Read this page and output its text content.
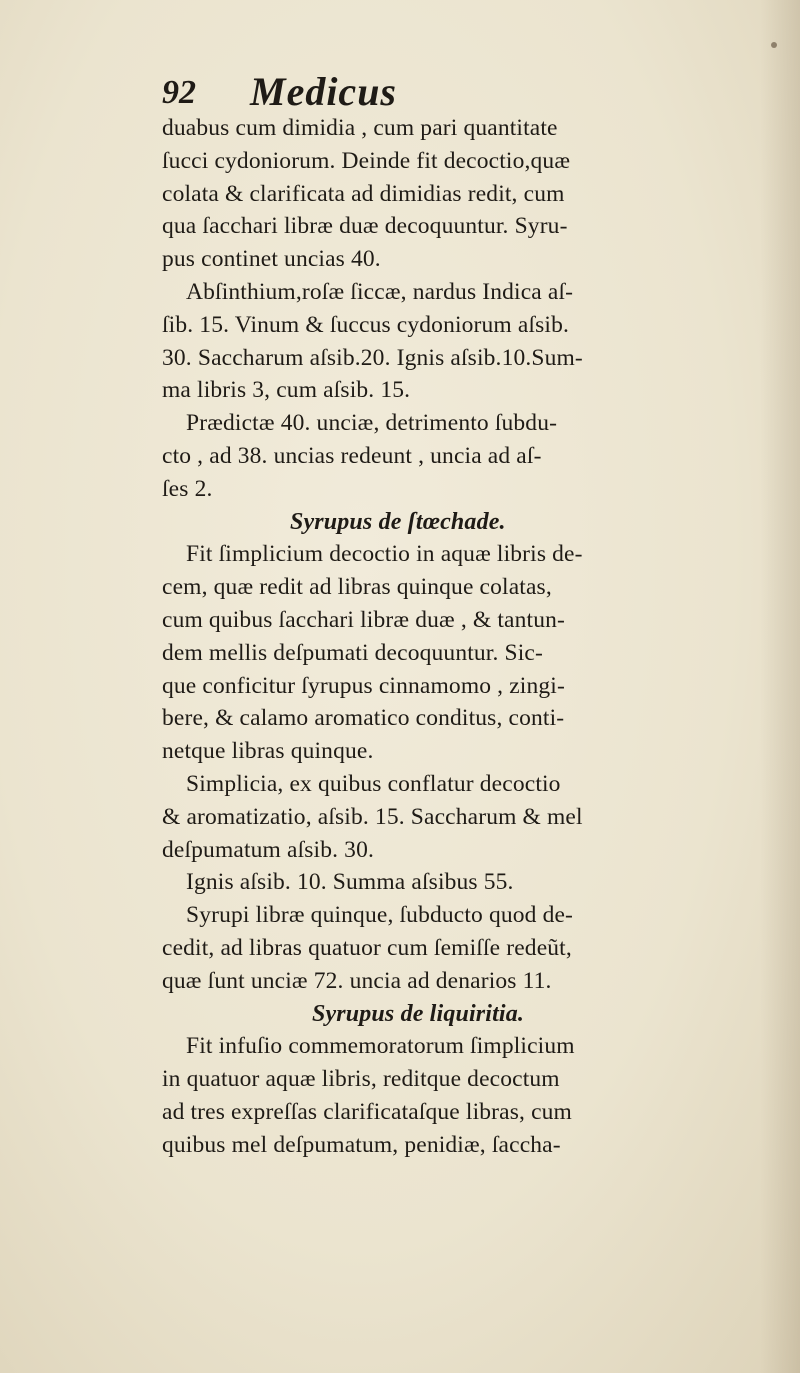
92 Medicus
duabus cum dimidia , cum pari quantitate
ſucci cydoniorum. Deinde fit decoctio,quæ
colata & clarificata ad dimidias redit, cum
qua ſacchari libræ duæ decoquuntur. Syru-
pus continet uncias 40.
Abſinthium,roſæ ſiccæ, nardus Indica aſ-
ſib. 15. Vinum & ſuccus cydoniorum aſsib.
30. Saccharum aſsib.20. Ignis aſsib.10.Sum-
ma libris 3, cum aſsib. 15.
Prædictæ 40. unciæ, detrimento ſubdu-
cto , ad 38. uncias redeunt , uncia ad aſ-
ſes 2.
Syrupus de ſtœchade.
Fit ſimplicium decoctio in aquæ libris de-
cem, quæ redit ad libras quinque colatas,
cum quibus ſacchari libræ duæ , & tantun-
dem mellis deſpumati decoquuntur. Sic-
que conficitur ſyrupus cinnamomo , zingi-
bere, & calamo aromatico conditus, conti-
netque libras quinque.
Simplicia, ex quibus conflatur decoctio
& aromatizatio, aſsib. 15. Saccharum & mel
deſpumatum aſsib. 30.
Ignis aſsib. 10. Summa aſsibus 55.
Syrupi libræ quinque, ſubducto quod de-
cedit, ad libras quatuor cum ſemiſſe redeũt,
quæ ſunt unciæ 72. uncia ad denarios 11.
Syrupus de liquiritia.
Fit infuſio commemoratorum ſimplicium
in quatuor aquæ libris, reditque decoctum
ad tres expreſſas clarificataſque libras, cum
quibus mel deſpumatum, penidiæ, ſaccha-
